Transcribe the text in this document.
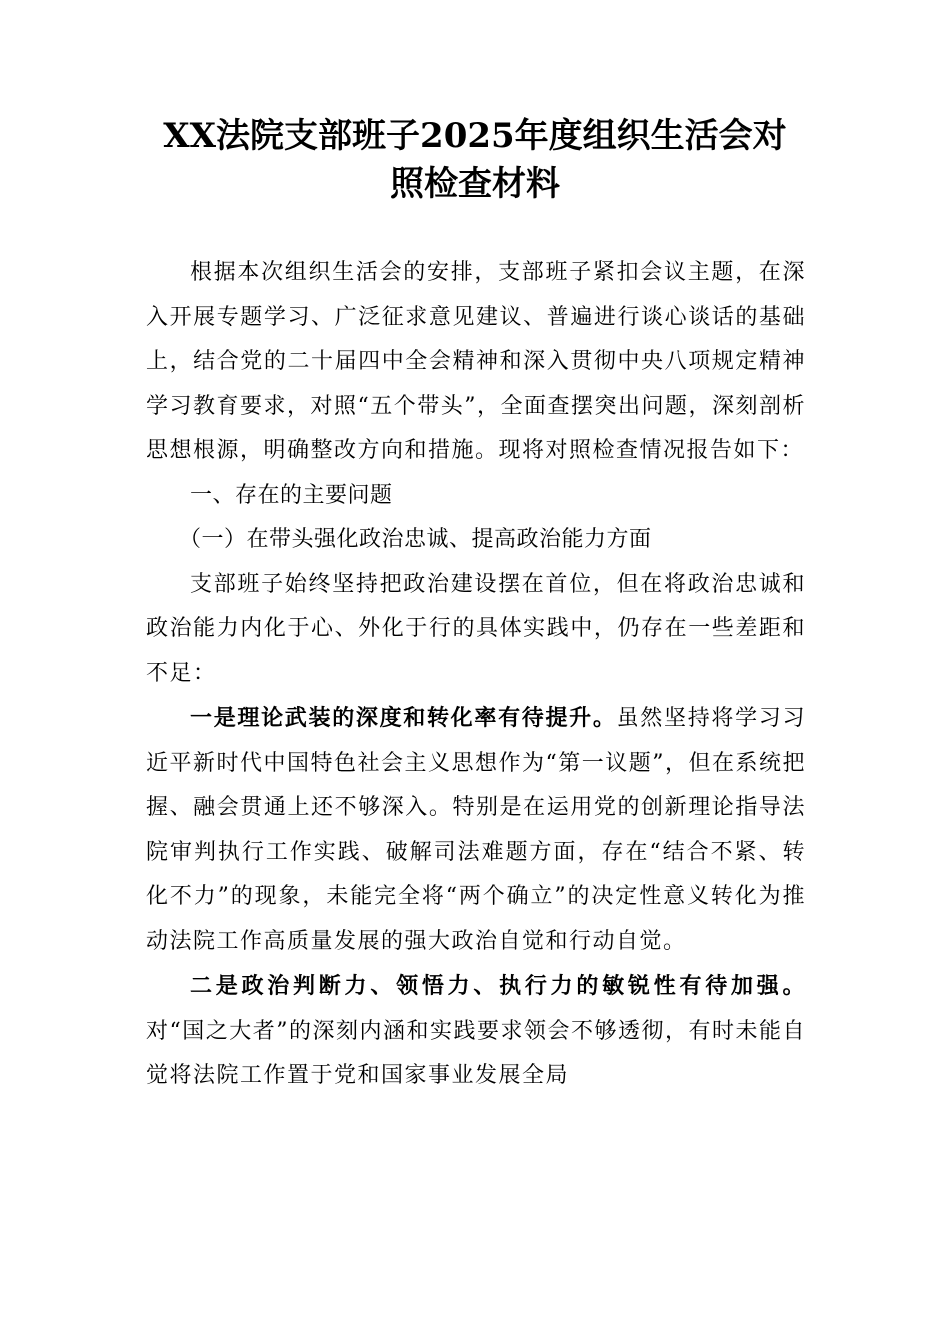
XX法院支部班子2025年度组织生活会对
照检查材料

根据本次组织生活会的安排，支部班子紧扣会议主题，在深入开展专题学习、广泛征求意见建议、普遍进行谈心谈话的基础上，结合党的二十届四中全会精神和深入贯彻中央八项规定精神学习教育要求，对照“五个带头”，全面查摆突出问题，深刻剖析思想根源，明确整改方向和措施。现将对照检查情况报告如下：

一、存在的主要问题

（一）在带头强化政治忠诚、提高政治能力方面

支部班子始终坚持把政治建设摆在首位，但在将政治忠诚和政治能力内化于心、外化于行的具体实践中，仍存在一些差距和不足：

一是理论武装的深度和转化率有待提升。虽然坚持将学习习近平新时代中国特色社会主义思想作为“第一议题”，但在系统把握、融会贯通上还不够深入。特别是在运用党的创新理论指导法院审判执行工作实践、破解司法难题方面，存在“结合不紧、转化不力”的现象，未能完全将“两个确立”的决定性意义转化为推动法院工作高质量发展的强大政治自觉和行动自觉。

二是政治判断力、领悟力、执行力的敏锐性有待加强。对“国之大者”的深刻内涵和实践要求领会不够透彻，有时未能自觉将法院工作置于党和国家事业发展全局
